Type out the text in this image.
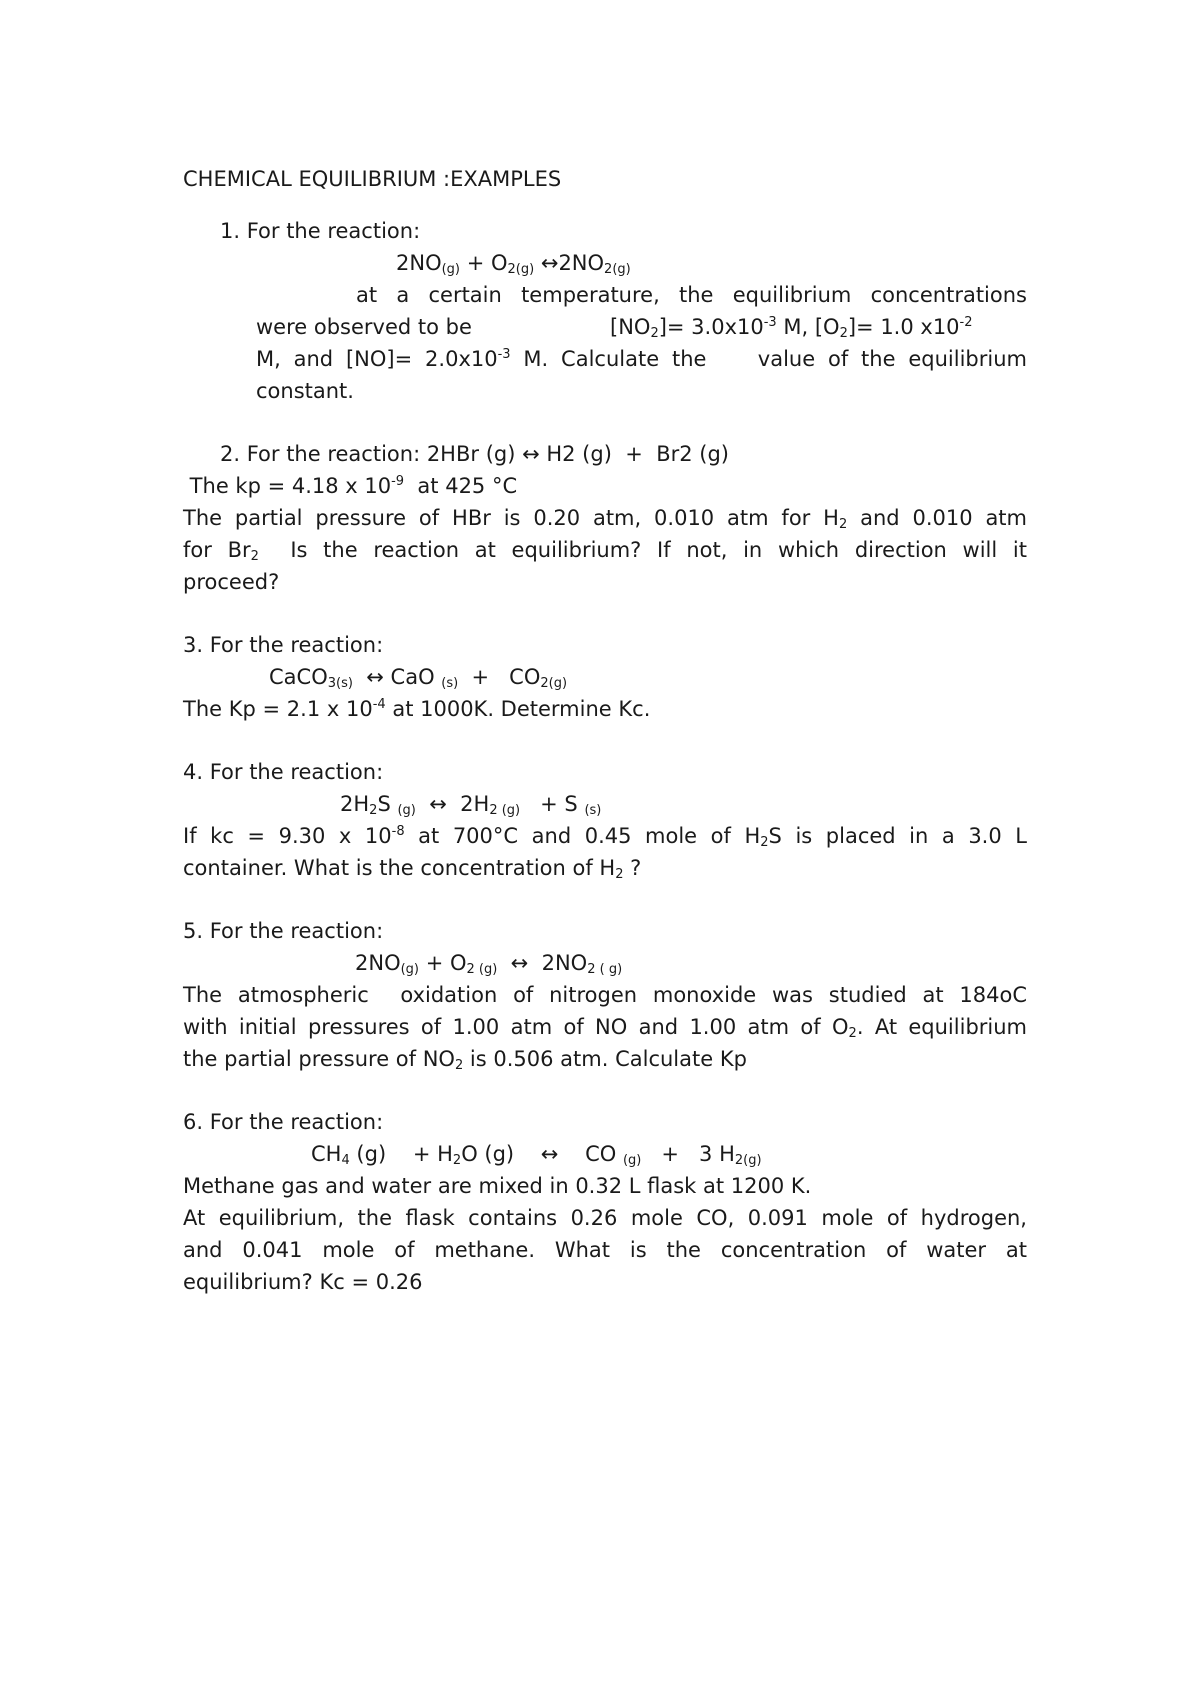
CHEMICAL EQUILIBRIUM :EXAMPLES
1. For the reaction:
$2NO_{(g)} + O_{2(g)}$ $\leftrightarrow 2NO_{2(g)}$
at a certain temperature, the equilibrium concentrations
were observed to be	$[NO_2]= 3.0x10^{-3}$ M, $[O_2]= 1.0$ $x10^{-2}$
M, and $[NO]= 2.0x10^{-3}$ M. Calculate the    value of the equilibrium
constant.
2. For the reaction: 2HBr (g) ↔ H2 (g)  +  Br2 (g)
The kp = 4.18 x $10^{-9}$  at 425 °C
The partial pressure of HBr is 0.20 atm, 0.010 atm for $H_2$ and 0.010 atm
for $Br_2$  Is the reaction at equilibrium? If not, in which direction will it
proceed?
3. For the reaction:
CaCO$_{3(s)}$  ↔ CaO $_{(s)} + CO_{2(g)}$
The Kp = 2.1 x $10^{-4}$ at 1000K. Determine Kc.
4. For the reaction:
$2H_2S$ $_{(g)}$  ↔  $2H_{2 (g)} + S$ $_{(s)}$
If kc = 9.30 x $10^{-8}$ at 700°C and 0.45 mole of $H_2S$ is placed in a 3.0 L
container. What is the concentration of $H_2$ ?
5. For the reaction:
$2NO_{(g)} + O_{2 (g)}$  ↔  $2NO_{2 ( g)}$
The atmospheric  oxidation of nitrogen monoxide was studied at 184oC
with initial pressures of 1.00 atm of NO and 1.00 atm of $O_2$. At equilibrium
the partial pressure of $NO_2$ is 0.506 atm. Calculate Kp
6. For the reaction:
$CH_4$ (g)    + $H_2O$ (g)    ↔    CO $_{(g)}$   +   3 $H_{2(g)}$
Methane gas and water are mixed in 0.32 L flask at 1200 K.
At equilibrium, the flask contains 0.26 mole CO, 0.091 mole of hydrogen,
and 0.041 mole of methane. What is the concentration of water at
equilibrium? Kc = 0.26
